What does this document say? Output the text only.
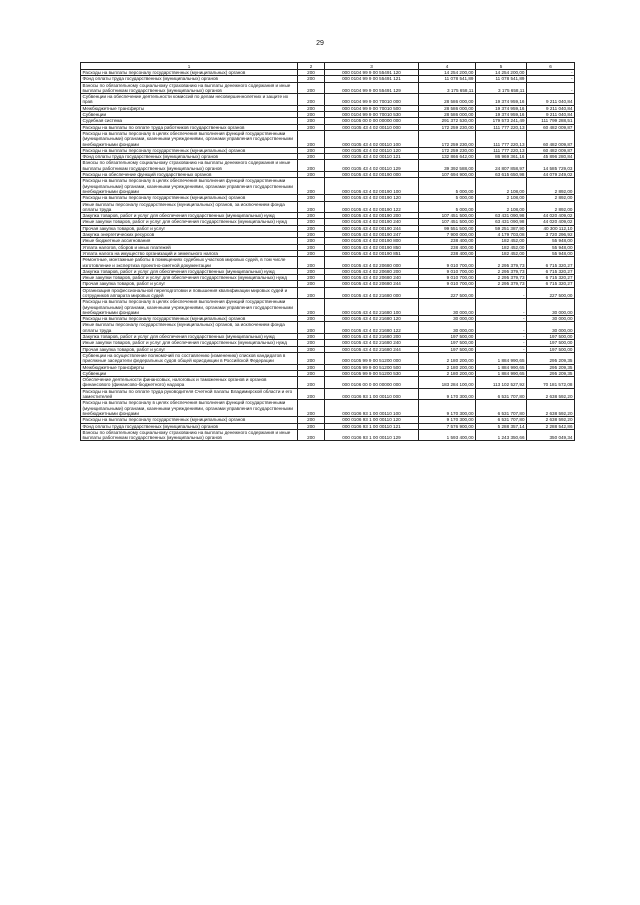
29
1	2	3	4	5	6
Расходы на выплаты персоналу государственных (муниципальных) органов	200	000 0104 99 9 00 55491 120	14 254 200,00	14 254 200,00	-
Фонд оплаты труда государственных (муниципальных) органов	200	000 0104 99 9 00 55491 121	11 078 541,89	11 078 541,89	-
Взносы по обязательному социальному страхованию на выплаты денежного содержания и иные выплаты работникам государственных (муниципальных) органов	200	000 0104 99 9 00 55491 129	3 175 658,11	3 175 658,11	-
Субвенции на обеспечение деятельности комиссий по делам несовершеннолетних и защите их прав	200	000 0104 99 9 00 70010 000	28 586 000,00	19 374 959,16	9 211 040,84
Межбюджетные трансферты	200	000 0104 99 9 00 70010 500	28 586 000,00	19 374 959,16	9 211 040,84
Субвенции	200	000 0104 99 9 00 70010 530	28 586 000,00	19 374 959,16	9 211 040,84
Судебная система	200	000 0105 00 0 00 00000 000	291 372 530,00	179 573 241,49	111 799 288,51
Расходы на выплаты по оплате труда работников государственных органов	200	000 0105 43 4 02 00110 000	172 259 230,00	111 777 220,13	60 482 009,87
Расходы на выплаты персоналу в целях обеспечения выполнения функций государственными (муниципальными) органами, казенными учреждениями, органами управления государственными внебюджетными фондами	200	000 0105 43 4 02 00110 100	172 259 230,00	111 777 220,13	60 482 009,87
Расходы на выплаты персоналу государственных (муниципальных) органов	200	000 0105 43 4 02 00110 120	172 259 230,00	111 777 220,13	60 482 009,87
Фонд оплаты труда государственных (муниципальных) органов	200	000 0105 43 4 02 00110 121	132 866 642,00	86 969 361,16	45 896 280,84
Взносы по обязательному социальному страхованию на выплаты денежного содержания и иные выплаты работникам государственных (муниципальных) органов	200	000 0105 43 4 02 00110 129	39 392 588,00	24 807 858,97	14 585 729,03
Расходы на обеспечение функций государственных органов	200	000 0105 43 4 02 00190 000	107 694 900,00	63 615 650,98	44 079 249,02
Расходы на выплаты персоналу в целях обеспечения выполнения функций государственными (муниципальными) органами, казенными учреждениями, органами управления государственными внебюджетными фондами	200	000 0105 43 4 02 00190 100	5 000,00	2 108,00	2 892,00
Расходы на выплаты персоналу государственных (муниципальных) органов	200	000 0105 43 4 02 00190 120	5 000,00	2 108,00	2 892,00
Иные выплаты персоналу государственных (муниципальных) органов, за исключением фонда оплаты труда	200	000 0105 43 4 02 00190 122	5 000,00	2 108,00	2 892,00
Закупка товаров, работ и услуг для обеспечения государственных (муниципальных) нужд	200	000 0105 43 4 02 00190 200	107 451 500,00	63 431 090,98	44 020 409,02
Иные закупки товаров, работ и услуг для обеспечения государственных (муниципальных) нужд	200	000 0105 43 4 02 00190 240	107 451 500,00	63 431 090,98	44 020 409,02
Прочая закупка товаров, работ и услуг	200	000 0105 43 4 02 00190 244	99 551 500,00	59 251 387,90	40 300 112,10
Закупка энергетических ресурсов	200	000 0105 43 4 02 00190 247	7 900 000,00	4 179 703,08	3 720 296,92
Иные бюджетные ассигнования	200	000 0105 43 4 02 00190 800	238 400,00	182 452,00	55 948,00
Уплата налогов, сборов и иных платежей	200	000 0105 43 4 02 00190 850	238 400,00	182 452,00	55 948,00
Уплата налога на имущество организаций и земельного налога	200	000 0105 43 4 02 00190 851	238 400,00	182 452,00	55 948,00
Ремонтные, монтажные работы в помещениях судебных участков мировых судей, в том числе изготовление и экспертиза проектно-сметной документации	200	000 0105 43 4 02 20680 000	9 010 700,00	2 295 379,73	6 715 320,27
Закупка товаров, работ и услуг для обеспечения государственных (муниципальных) нужд	200	000 0105 43 4 02 20680 200	9 010 700,00	2 295 379,73	6 715 320,27
Иные закупки товаров, работ и услуг для обеспечения государственных (муниципальных) нужд	200	000 0105 43 4 02 20680 240	9 010 700,00	2 295 379,73	6 715 320,27
Прочая закупка товаров, работ и услуг	200	000 0105 43 4 02 20680 244	9 010 700,00	2 295 379,73	6 715 320,27
Организация профессиональной переподготовки и повышения квалификации мировых судей и сотрудников аппарата мировых судей	200	000 0105 43 4 02 21680 000	227 500,00	-	227 500,00
Расходы на выплаты персоналу в целях обеспечения выполнения функций государственными (муниципальными) органами, казенными учреждениями, органами управления государственными внебюджетными фондами	200	000 0105 43 4 02 21680 100	30 000,00	-	30 000,00
Расходы на выплаты персоналу государственных (муниципальных) органов	200	000 0105 43 4 02 21680 120	30 000,00	-	30 000,00
Иные выплаты персоналу государственных (муниципальных) органов, за исключением фонда оплаты труда	200	000 0105 43 4 02 21680 122	30 000,00	-	30 000,00
Закупка товаров, работ и услуг для обеспечения государственных (муниципальных) нужд	200	000 0105 43 4 02 21680 200	197 500,00	-	197 500,00
Иные закупки товаров, работ и услуг для обеспечения государственных (муниципальных) нужд	200	000 0105 43 4 02 21680 240	197 500,00	-	197 500,00
Прочая закупка товаров, работ и услуг	200	000 0105 43 4 02 21680 244	197 500,00	-	197 500,00
Субвенции на осуществление полномочий по составлению (изменению) списков кандидатов в присяжные заседатели федеральных судов общей юрисдикции в Российской Федерации	200	000 0105 99 9 00 51200 000	2 180 200,00	1 884 990,65	295 209,35
Межбюджетные трансферты	200	000 0105 99 9 00 51200 500	2 180 200,00	1 884 990,65	295 209,35
Субвенции	200	000 0105 99 9 00 51200 530	2 180 200,00	1 884 990,65	295 209,35
Обеспечение деятельности финансовых, налоговых и таможенных органов и органов финансового (финансово-бюджетного) надзора	200	000 0106 00 0 00 00000 000	183 284 100,00	113 102 527,92	70 181 572,08
Расходы на выплаты по оплате труда руководителя Счетной палаты Владимирской области и его заместителей	200	000 0106 93 1 00 00110 000	9 170 300,00	6 531 707,80	2 638 592,20
Расходы на выплаты персоналу в целях обеспечения выполнения функций государственными (муниципальными) органами, казенными учреждениями, органами управления государственными внебюджетными фондами	200	000 0106 93 1 00 00110 100	9 170 300,00	6 531 707,80	2 638 592,20
Расходы на выплаты персоналу государственных (муниципальных) органов	200	000 0106 93 1 00 00110 120	9 170 300,00	6 531 707,80	2 638 592,20
Фонд оплаты труда государственных (муниципальных) органов	200	000 0106 93 1 00 00110 121	7 576 900,00	5 288 357,14	2 288 542,86
Взносы по обязательному социальному страхованию на выплаты денежного содержания и иные выплаты работникам государственных (муниципальных) органов	200	000 0106 93 1 00 00110 129	1 593 400,00	1 243 350,66	350 049,34
